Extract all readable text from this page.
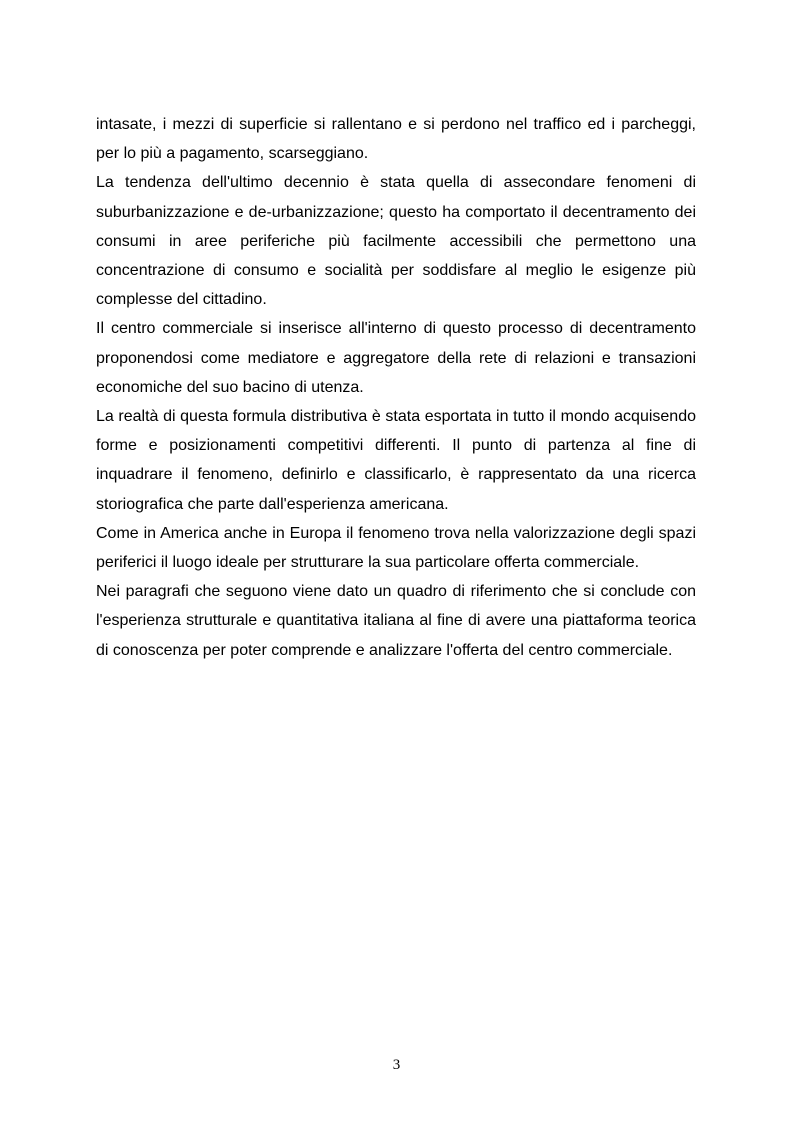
intasate, i mezzi di superficie si rallentano e si perdono nel traffico ed i parcheggi, per lo più a pagamento, scarseggiano.

La tendenza dell'ultimo decennio è stata quella di assecondare fenomeni di suburbanizzazione e de-urbanizzazione; questo ha comportato il decentramento dei consumi in aree periferiche più facilmente accessibili che permettono una concentrazione di consumo e socialità per soddisfare al meglio le esigenze più complesse del cittadino.

Il centro commerciale si inserisce all'interno di questo processo di decentramento proponendosi come mediatore e aggregatore della rete di relazioni e transazioni economiche del suo bacino di utenza.

La realtà di questa formula distributiva è stata esportata in tutto il mondo acquisendo forme e posizionamenti competitivi differenti. Il punto di partenza al fine di inquadrare il fenomeno, definirlo e classificarlo, è rappresentato da una ricerca storiografica che parte dall'esperienza americana.

Come in America anche in Europa il fenomeno trova nella valorizzazione degli spazi periferici il luogo ideale per strutturare la sua particolare offerta commerciale.

Nei paragrafi che seguono viene dato un quadro di riferimento che si conclude con l'esperienza strutturale e quantitativa italiana al fine di avere una piattaforma teorica di conoscenza per poter comprende e analizzare l'offerta del centro commerciale.

3
